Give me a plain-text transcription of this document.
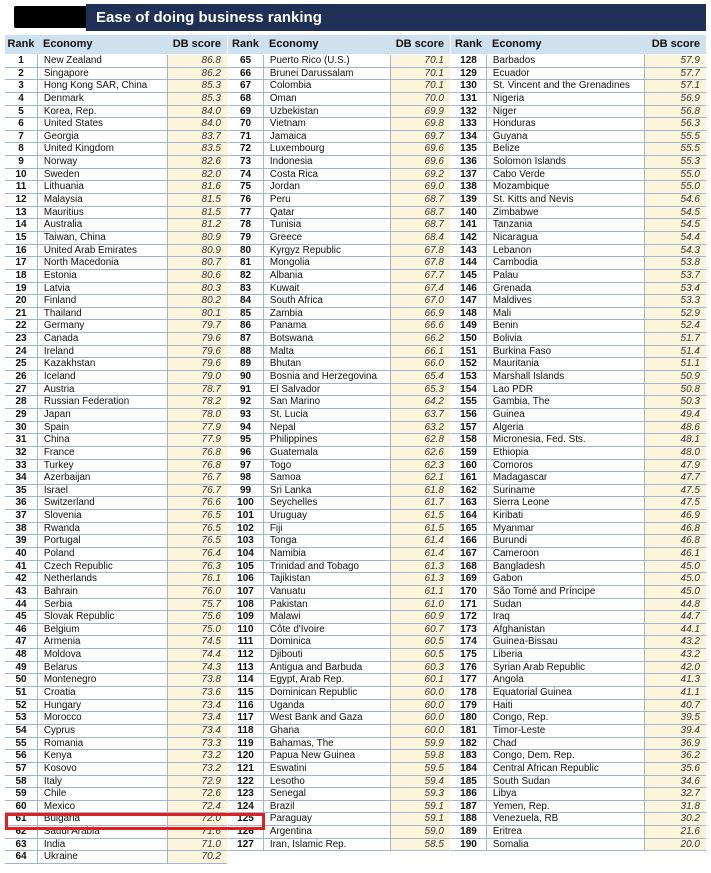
Ease of doing business ranking
Rank Economy	DB score
1	New Zealand	86.8
2	Singapore	86.2
3	Hong Kong SAR, China	85.3
4	Denmark	85.3
5	Korea, Rep.	84.0
6	United States	84.0
7	Georgia	83.7
8	United Kingdom	83.5
9	Norway	82.6
10	Sweden	82.0
11	Lithuania	81.6
12	Malaysia	81.5
13	Mauritius	81.5
14	Australia	81.2
15	Taiwan, China	80.9
16	United Arab Emirates	80.9
17	North Macedonia	80.7
18	Estonia	80.6
19	Latvia	80.3
20	Finland	80.2
21	Thailand	80.1
22	Germany	79.7
23	Canada	79.6
24	Ireland	79.6
25	Kazakhstan	79.6
26	Iceland	79.0
27	Austria	78.7
28	Russian Federation	78.2
29	Japan	78.0
30	Spain	77.9
31	China	77.9
32	France	76.8
33	Turkey	76.8
34	Azerbaijan	76.7
35	Israel	76.7
36	Switzerland	76.6
37	Slovenia	76.5
38	Rwanda	76.5
39	Portugal	76.5
40	Poland	76.4
41	Czech Republic	76.3
42	Netherlands	76.1
43	Bahrain	76.0
44	Serbia	75.7
45	Slovak Republic	75.6
46	Belgium	75.0
47	Armenia	74.5
48	Moldova	74.4
49	Belarus	74.3
50	Montenegro	73.8
51	Croatia	73.6
52	Hungary	73.4
53	Morocco	73.4
54	Cyprus	73.4
55	Romania	73.3
56	Kenya	73.2
57	Kosovo	73.2
58	Italy	72.9
59	Chile	72.6
60	Mexico	72.4
61	Bulgaria	72.0
62	Saudi Arabia	71.6
63	India	71.0
64	Ukraine	70.2
Rank Economy	DB score
65	Puerto Rico (U.S.)	70.1
66	Brunei Darussalam	70.1
67	Colombia	70.1
68	Oman	70.0
69	Uzbekistan	69.9
70	Vietnam	69.8
71	Jamaica	69.7
72	Luxembourg	69.6
73	Indonesia	69.6
74	Costa Rica	69.2
75	Jordan	69.0
76	Peru	68.7
77	Qatar	68.7
78	Tunisia	68.7
79	Greece	68.4
80	Kyrgyz Republic	67.8
81	Mongolia	67.8
82	Albania	67.7
83	Kuwait	67.4
84	South Africa	67.0
85	Zambia	66.9
86	Panama	66.6
87	Botswana	66.2
88	Malta	66.1
89	Bhutan	66.0
90	Bosnia and Herzegovina	65.4
91	El Salvador	65.3
92	San Marino	64.2
93	St. Lucia	63.7
94	Nepal	63.2
95	Philippines	62.8
96	Guatemala	62.6
97	Togo	62.3
98	Samoa	62.1
99	Sri Lanka	61.8
100	Seychelles	61.7
101	Uruguay	61.5
102	Fiji	61.5
103	Tonga	61.4
104	Namibia	61.4
105	Trinidad and Tobago	61.3
106	Tajikistan	61.3
107	Vanuatu	61.1
108	Pakistan	61.0
109	Malawi	60.9
110	Côte d'Ivoire	60.7
111	Dominica	60.5
112	Djibouti	60.5
113	Antigua and Barbuda	60.3
114	Egypt, Arab Rep.	60.1
115	Dominican Republic	60.0
116	Uganda	60.0
117	West Bank and Gaza	60.0
118	Ghana	60.0
119	Bahamas, The	59.9
120	Papua New Guinea	59.8
121	Eswatini	59.5
122	Lesotho	59.4
123	Senegal	59.3
124	Brazil	59.1
125	Paraguay	59.1
126	Argentina	59.0
127	Iran, Islamic Rep.	58.5
Rank Economy	DB score
128	Barbados	57.9
129	Ecuador	57.7
130	St. Vincent and the Grenadines	57.1
131	Nigeria	56.9
132	Niger	56.8
133	Honduras	56.3
134	Guyana	55.5
135	Belize	55.5
136	Solomon Islands	55.3
137	Cabo Verde	55.0
138	Mozambique	55.0
139	St. Kitts and Nevis	54.6
140	Zimbabwe	54.5
141	Tanzania	54.5
142	Nicaragua	54.4
143	Lebanon	54.3
144	Cambodia	53.8
145	Palau	53.7
146	Grenada	53.4
147	Maldives	53.3
148	Mali	52.9
149	Benin	52.4
150	Bolivia	51.7
151	Burkina Faso	51.4
152	Mauritania	51.1
153	Marshall Islands	50.9
154	Lao PDR	50.8
155	Gambia, The	50.3
156	Guinea	49.4
157	Algeria	48.6
158	Micronesia, Fed. Sts.	48.1
159	Ethiopia	48.0
160	Comoros	47.9
161	Madagascar	47.7
162	Suriname	47.5
163	Sierra Leone	47.5
164	Kiribati	46.9
165	Myanmar	46.8
166	Burundi	46.8
167	Cameroon	46.1
168	Bangladesh	45.0
169	Gabon	45.0
170	São Tomé and Príncipe	45.0
171	Sudan	44.8
172	Iraq	44.7
173	Afghanistan	44.1
174	Guinea-Bissau	43.2
175	Liberia	43.2
176	Syrian Arab Republic	42.0
177	Angola	41.3
178	Equatorial Guinea	41.1
179	Haiti	40.7
180	Congo, Rep.	39.5
181	Timor-Leste	39.4
182	Chad	36.9
183	Congo, Dem. Rep.	36.2
184	Central African Republic	35.6
185	South Sudan	34.6
186	Libya	32.7
187	Yemen, Rep.	31.8
188	Venezuela, RB	30.2
189	Eritrea	21.6
190	Somalia	20.0
